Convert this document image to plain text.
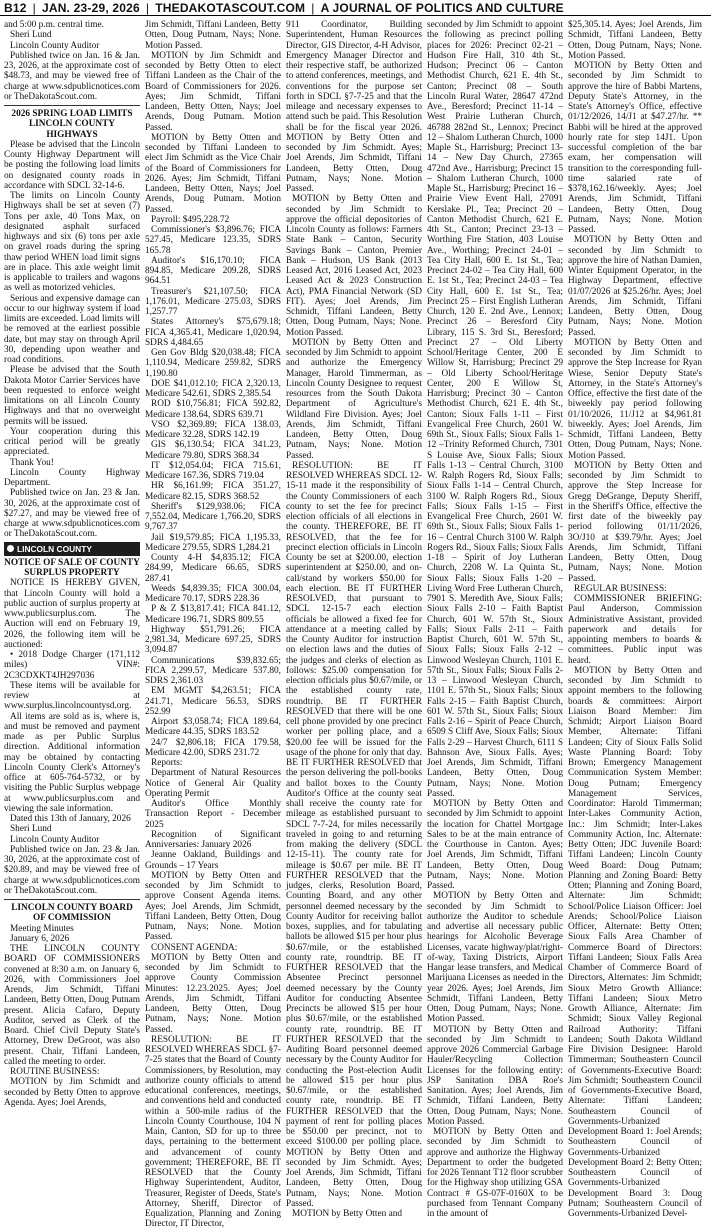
B12 | JAN. 23-29, 2026 | THEDAKOTASCOUT.COM | A JOURNAL OF POLITICS AND CULTURE

and 5:00 p.m. central time.

Sheri Lund

Lincoln County Auditor

Published twice on Jan. 16 & Jan. 23, 2026, at the approximate cost of $48.73, and may be viewed free of charge at www.sdpublicnotices.com or TheDakotaScout.com.

2026 SPRING LOAD LIMITS LINCOLN COUNTY HIGHWAYS

Please be advised that the Lincoln County Highway Department will be posting the following load limits on designated county roads in accordance with SDCL 32-14-6.

The limits on Lincoln County Highways shall be set at seven (7) Tons per axle, 40 Tons Max, on designated asphalt surfaced highways and six (6) tons per axle on gravel roads during the spring thaw period WHEN load limit signs are in place. This axle weight limit is applicable to trailers and wagons as well as motorized vehicles.

Serious and expensive damage can occur to our highway system if load limits are exceeded. Load limits will be removed at the earliest possible date, but may stay on through April 30, depending upon weather and road conditions.

Please be advised that the South Dakota Motor Carrier Services have been requested to enforce weight limitations on all Lincoln County Highways and that no overweight permits will be issued.

Your cooperation during this critical period will be greatly appreciated.

Thank You!

Lincoln County Highway Department.

Published twice on Jan. 23 & Jan. 30, 2026, at the approximate cost of $27.27, and may be viewed free of charge at www.sdpublicnotices.com or TheDakotaScout.com.

LINCOLN COUNTY

NOTICE OF SALE OF COUNTY SURPLUS PROPERTY

NOTICE IS HEREBY GIVEN, that Lincoln County will hold a public auction of surplus property at www.publicsurplus.com. The Auction will end on February 19, 2026, the following item will be auctioned:

• 2018 Dodge Charger (171,112 miles) VIN#: 2C3CDXKT4JH297036

These items will be available for review at www.surplus.lincolncountysd.org.

All items are sold as is, where is, and must be removed and payment made as per Public Surplus direction. Additional information may be obtained by contacting Lincoln County Clerk's Attorney's office at 605-764-5732, or by visiting the Public Surplus webpage at www.publicsurplus.com and viewing the sale information.

Dated this 13th of January, 2026

Sheri Lund

Lincoln County Auditor

Published twice on Jan. 23 & Jan. 30, 2026, at the approximate cost of $20.89, and may be viewed free of charge at www.sdpublicnotices.com or TheDakotaScout.com.

LINCOLN COUNTY BOARD OF COMMISSION

Meeting Minutes

January 6, 2026

THE LINCOLN COUNTY BOARD OF COMMISSIONERS convened at 8:30 a.m. on January 6, 2026, with Commissioners Joel Arends, Jim Schmidt, Tiffani Landeen, Betty Otten, Doug Putnam present. Alicia Cafaro, Deputy Auditor, served as Clerk of the Board. Chief Civil Deputy State's Attorney, Drew DeGroot, was also present. Chair, Tiffani Landeen, called the meeting to order.

ROUTINE BUSINESS:

MOTION by Jim Schmidt and seconded by Betty Otten to approve Agenda. Ayes; Joel Arends,

Jim Schmidt, Tiffani Landeen, Betty Otten, Doug Putnam, Nays; None. Motion Passed.

MOTION by Jim Schmidt and seconded by Betty Otten to elect Tiffani Landeen as the Chair of the Board of Commissioners for 2026. Ayes; Jim Schmidt, Tiffani Landeen, Betty Otten, Nays; Joel Arends, Doug Putnam. Motion Passed.

MOTION by Betty Otten and seconded by Tiffani Landeen to elect Jim Schmidt as the Vice Chair of the Board of Commissioners for 2026. Ayes; Jim Schmidt, Tiffani Landeen, Betty Otten, Nays; Joel Arends, Doug Putnam. Motion Passed.

Payroll: $495,228.72

Commissioner's $3,896.76; FICA 527.45, Medicare 123.35, SDRS 165.78

Auditor's $16,170.10; FICA 894.85, Medicare 209.28, SDRS 964.51

Treasurer's $21,107.50; FICA 1,176.01, Medicare 275.03, SDRS 1,257.77

States Attorney's $75,679.18; FICA 4,365.41, Medicare 1,020.94, SDRS 4,484.65

Gen Gov Bldg $20,038.48; FICA 1,110.94, Medicare 259.82, SDRS 1,190.80

DOE $41,012.10; FICA 2,320.13, Medicare 542.61, SDRS 2,385.54

ROD $10,756.81; FICA 592.82, Medicare 138.64, SDRS 639.71

VSO $2,369.89; FICA 138.03, Medicare 32.28, SDRS 142.19

GIS $6,130.54; FICA 341.23, Medicare 79.80, SDRS 368.34

IT $12,054.04; FICA 715.61, Medicare 167.36, SDRS 719.04

HR $6,161.99; FICA 351.27, Medicare 82.15, SDRS 368.52

Sheriff's $129,938.06; FICA 7,552.04, Medicare 1,766.20, SDRS 9,767.37

Jail $19,579.85; FICA 1,195.33, Medicare 279.55, SDRS 1,284.21

County 4-H $4,835.12; FICA 284.99, Medicare 66.65, SDRS 287.41

Weeds $4,839.35; FICA 300.04, Medicare 70.17, SDRS 228.36

P & Z $13,817.41; FICA 841.12, Medicare 196.71, SDRS 809.55

Highway $51,791.26; FICA 2,981.34, Medicare 697.25, SDRS 3,094.87

Communications $39,832.65; FICA 2,299.57, Medicare 537.80, SDRS 2,361.03

EM MGMT $4,263.51; FICA 241.71, Medicare 56.53, SDRS 252.99

Airport $3,058.74; FICA 189.64, Medicare 44.35, SDRS 183.52

24/7 $2,806.18; FICA 179.58, Medicare 42.00, SDRS 231.72

Reports:

Department of Natural Resources Notice of General Air Quality Operating Permit

Auditor's Office Monthly Transaction Report - December 2025

Recognition of Significant Anniversaries: January 2026

Jeanne Oakland, Buildings and Grounds – 17 Years

MOTION by Betty Otten and seconded by Jim Schmidt to approve Consent Agenda items. Ayes; Joel Arends, Jim Schmidt, Tiffani Landeen, Betty Otten, Doug Putnam, Nays; None. Motion Passed.

CONSENT AGENDA:

MOTION by Betty Otten and seconded by Jim Schmidt to approve County Commission Minutes: 12.23.2025. Ayes; Joel Arends, Jim Schmidt, Tiffani Landeen, Betty Otten, Doug Putnam, Nays; None. Motion Passed.

RESOLUTION: BE IT RESOLVED WHEREAS SDCL §7-7-25 states that the Board of County Commissioners, by Resolution, may authorize county officials to attend educational conferences, meetings, and conventions held and conducted within a 500-mile radius of the Lincoln County Courthouse, 104 N Main, Canton, SD for up to three days, pertaining to the betterment and advancement of county government; THEREFORE, BE IT RESOLVED that the County Highway Superintendent, Auditor, Treasurer, Register of Deeds, State's Attorney, Sheriff, Director of Equalization, Planning and Zoning Director, IT Director,

911 Coordinator, Building Superintendent, Human Resources Director, GIS Director, 4-H Advisor, Emergency Manager Director and their respective staff, be authorized to attend conferences, meetings, and conventions for the purpose set forth in SDCL §7-7-25 and that the mileage and necessary expenses to attend such be paid. This Resolution shall be for the fiscal year 2026. MOTION by Betty Otten and seconded by Jim Schmidt. Ayes; Joel Arends, Jim Schmidt, Tiffani Landeen, Betty Otten, Doug Putnam, Nays; None. Motion Passed.

MOTION by Betty Otten and seconded by Jim Schmidt to approve the official depositories of Lincoln County as follows: Farmers State Bank – Canton, Security Savings Bank – Canton, Premier Bank – Hudson, US Bank (2013 Leased Act, 2016 Leased Act, 2023 Leased Act & 2023 Construction Act), PMA Financial Network (SD FIT). Ayes; Joel Arends, Jim Schmidt, Tiffani Landeen, Betty Otten, Doug Putnam, Nays; None. Motion Passed.

MOTION by Betty Otten and seconded by Jim Schmidt to appoint and authorize the Emergency Manager, Harold Timmerman, as Lincoln County Designee to request resources from the South Dakota Department of Agriculture's Wildland Fire Division. Ayes; Joel Arends, Jim Schmidt, Tiffani Landeen, Betty Otten, Doug Putnam, Nays; None. Motion Passed.

RESOLUTION: BE IT RESOLVED WHEREAS SDCL 12-15-11 made it the responsibility of the County Commissioners of each county to set the fee for precinct election officials of all elections in the county. THEREFORE, BE IT RESOLVED, that the fee for precinct election officials in Lincoln County be set at $200.00, election superintendent at $250.00, and on-call/stand by workers $50.00 for each election. BE IT FURTHER RESOLVED, that pursuant to SDCL 12-15-7 each election officials be allowed a fixed fee for attendance at a meeting called by the County Auditor for instruction on election laws and the duties of the judges and clerks of election as follows: $25.00 compensation for election officials plus $0.67/mile, or the established county rate, roundtrip. BE IT FURTHER RESOLVED that there will be one cell phone provided by one precinct worker per polling place, and a $20.00 fee will be issued for the usage of the phone for only that day. BE IT FURTHER RESOLVED that the person delivering the poll-books and ballot boxes to the County Auditor's Office at the county seat shall receive the county rate for mileage as established pursuant to SDCL 7-7-24, for miles necessarily traveled in going to and returning from making the delivery (SDCL 12-15-11). The county rate for mileage is $0.67 per mile. BE IT FURTHER RESOLVED that the judges, clerks, Resolution Board, Counting Board, and any other personnel deemed necessary by the County Auditor for receiving ballot boxes, supplies, and for tabulating ballots be allowed $15 per hour plus $0.67/mile, or the established county rate, roundtrip. BE IT FURTHER RESOLVED that the Absentee Precinct personnel deemed necessary by the County Auditor for conducting Absentee Precincts be allowed $15 per hour plus $0.67/mile, or the established county rate, roundtrip. BE IT FURTHER RESOLVED that the Auditing Board personnel deemed necessary by the County Auditor for conducting the Post-election Audit be allowed $15 per hour plus $0.67/mile, or the established county rate, roundtrip. BE IT FURTHER RESOLVED that the payment of rent for polling places be $50.00 per precinct, not to exceed $100.00 per polling place. MOTION by Betty Otten and seconded by Jim Schmidt. Ayes; Joel Arends, Jim Schmidt, Tiffani Landeen, Betty Otten, Doug Putnam, Nays; None. Motion Passed.

MOTION by Betty Otten and

seconded by Jim Schmidt to appoint the following as precinct polling places for 2026: Precinct 02-21 – Hudson Fire Hall, 310 4th St., Hudson; Precinct 06 – Canton Methodist Church, 621 E. 4th St., Canton; Precinct 08 – South Lincoln Rural Water, 28647 472nd Ave., Beresford; Precinct 11-14 – West Prairie Lutheran Church, 46788 282nd St., Lennox; Precinct 12 – Shalom Lutheran Church, 1000 Maple St., Harrisburg; Precinct 13-14 – New Day Church, 27365 472nd Ave., Harrisburg; Precinct 15 – Shalom Lutheran Church, 1000 Maple St., Harrisburg; Precinct 16 – Prairie View Event Hall, 27091 Kerslake Pl., Tea; Precinct 20 – Canton Methodist Church, 621 E. 4th St., Canton; Precinct 23-13 – Worthing Fire Station, 403 Louise Ave., Worthing; Precinct 24-01 – Tea City Hall, 600 E. 1st St., Tea; Precinct 24-02 – Tea City Hall, 600 E. 1st St., Tea; Precinct 24-03 – Tea City Hall, 600 E. 1st St., Tea; Precinct 25 – First English Lutheran Church, 120 E. 2nd Ave., Lennox; Precinct 26 – Beresford City Library, 115 S. 3rd St., Beresford; Precinct 27 – Old Liberty School/Heritage Center, 200 E Willow St, Harrisburg; Precinct 29 – Old Liberty School/Heritage Center, 200 E Willow St, Harrisburg; Precinct 30 – Canton Methodist Church, 621 E. 4th St., Canton; Sioux Falls 1-11 – First Evangelical Free Church, 2601 W. 69th St., Sioux Falls; Sioux Falls 1-12 –Trinity Reformed Church, 7301 S Louise Ave, Sioux Falls; Sioux Falls 1-13 – Central Church, 3100 W. Ralph Rogers Rd, Sioux Falls; Sioux Falls 1-14 – Central Church, 3100 W. Ralph Rogers Rd., Sioux Falls; Sioux Falls 1-15 – First Evangelical Free Church, 2601 W. 69th St., Sioux Falls; Sioux Falls 1-16 – Central Church 3100 W. Ralph Rogers Rd., Sioux Falls; Sioux Falls 1-18 – Spirit of Joy Lutheran Church, 2208 W. La Quinta St., Sioux Falls; Sioux Falls 1-20 –Living Word Free Lutheran Church, 7901 S. Meredith Ave, Sioux Falls; Sioux Falls 2-10 – Faith Baptist Church, 601 W. 57th St., Sioux Falls; Sioux Falls 2-11 – Faith Baptist Church, 601 W. 57th St., Sioux Falls; Sioux Falls 2-12 – Linwood Wesleyan Church, 1101 E. 57th St., Sioux Falls; Sioux Falls 2-13 – Linwood Wesleyan Church, 1101 E. 57th St., Sioux Falls; Sioux Falls 2-15 – Faith Baptist Church, 601 W. 57th St., Sioux Falls; Sioux Falls 2-16 – Spirit of Peace Church, 6509 S Cliff Ave, Sioux Falls; Sioux Falls 2-29 – Harvest Church, 6111 S Bahnson Ave, Sioux Falls. Ayes; Joel Arends, Jim Schmidt, Tiffani Landeen, Betty Otten, Doug Putnam, Nays; None. Motion Passed.

MOTION by Betty Otten and seconded by Jim Schmidt to appoint the location for Chattel Mortgage Sales to be at the main entrance of the Courthouse in Canton. Ayes; Joel Arends, Jim Schmidt, Tiffani Landeen, Betty Otten, Doug Putnam, Nays; None. Motion Passed.

MOTION by Betty Otten and seconded by Jim Schmidt to authorize the Auditor to schedule and advertise all necessary public hearings for Alcoholic Beverage Licenses, vacate highway/plat/right-of-way, Taxing Districts, Airport Hangar lease transfers, and Medical Marijuana Licenses as needed in the year 2026. Ayes; Joel Arends, Jim Schmidt, Tiffani Landeen, Betty Otten, Doug Putnam, Nays; None. Motion Passed.

MOTION by Betty Otten and seconded by Jim Schmidt to approve 2026 Commercial Garbage Hauler/Recycling Collection Licenses for the following entity: JSP Sanitation DBA Roe's Sanitation. Ayes; Joel Arends, Jim Schmidt, Tiffani Landeen, Betty Otten, Doug Putnam, Nays; None. Motion Passed.

MOTION by Betty Otten and seconded by Jim Schmidt to approve and authorize the Highway Department to order the budgeted for 2026 Tennant T12 floor scrubber for the Highway shop utilizing GSA Contract # GS-07F-0160X to be purchased from Tennant Company in the amount of

$25,305.14. Ayes; Joel Arends, Jim Schmidt, Tiffani Landeen, Betty Otten, Doug Putnam, Nays; None. Motion Passed.

MOTION by Betty Otten and seconded by Jim Schmidt to approve the hire of Babbi Martens, Deputy State's Attorney, in the State's Attorney's Office, effective 01/12/2026, 14/J1 at $47.27/hr. ** Babbi will be hired at the approved hourly rate for step 14J1. Upon successful completion of the bar exam, her compensation will transition to the corresponding full-time salaried rate of $378,162.16/weekly. Ayes; Joel Arends, Jim Schmidt, Tiffani Landeen, Betty Otten, Doug Putnam, Nays; None. Motion Passed.

MOTION by Betty Otten and seconded by Jim Schmidt to approve the hire of Nathan Damien, Winter Equipment Operator, in the Highway Department, effective 01/07/2026 at $25.26/hr. Ayes; Joel Arends, Jim Schmidt, Tiffani Landeen, Betty Otten, Doug Putnam, Nays; None. Motion Passed.

MOTION by Betty Otten and seconded by Jim Schmidt to approve the Step Increase for Ryan Wiese, Senior Deputy State's Attorney, in the State's Attorney's Office, effective the first date of the biweekly pay period following 01/10/2026, 11/J12 at $4,961.81 biweekly. Ayes; Joel Arends, Jim Schmidt, Tiffani Landeen, Betty Otten, Doug Putnam, Nays; None. Motion Passed.

MOTION by Betty Otten and seconded by Jim Schmidt to approve the Step Increase for Gregg DeGrange, Deputy Sheriff, in the Sheriff's Office, effective the first date of the biweekly pay period following 01/11/2026, 3O/J10 at $39.79/hr. Ayes; Joel Arends, Jim Schmidt, Tiffani Landeen, Betty Otten, Doug Putnam, Nays; None. Motion Passed.

REGULAR BUSINESS:

COMMISSIONER BRIEFING: Paul Anderson, Commission Administrative Assistant, provided paperwork and details for appointing members to boards & committees. Public input was heard.

MOTION by Betty Otten and seconded by Jim Schmidt to appoint members to the following boards & committees: Airport Liaison Board Member: Jim Schmidt; Airport Liaison Board Member, Alternate: Tiffani Landeen; City of Sioux Falls Solid Waste Planning Board: Toby Brown; Emergency Management Communication System Member: Doug Putnam; Emergency Management Services, Coordinator: Harold Timmerman; Inter-Lakes Community Action, Inc.: Jim Schmidt; Inter-Lakes Community Action, Inc. Alternate: Betty Otten; JDC Juvenile Board: Tiffani Landeen; Lincoln County Weed Board: Doug Putnam; Planning and Zoning Board: Betty Otten; Planning and Zoning Board, Alternate: Jim Schmidt; School/Police Liaison Officer: Joel Arends; School/Police Liaison Officer, Alternate: Betty Otten; Sioux Falls Area Chamber of Commerce Board of Directors: Tiffani Landeen; Sioux Falls Area Chamber of Commerce Board of Directors, Alternates: Jim Schmidt; Sioux Metro Growth Alliance: Tiffani Landeen; Sioux Metro Growth Alliance, Alternate: Jim Schmidt; Sioux Valley Regional Railroad Authority: Tiffani Landeen; South Dakota Wildland Fire Division Designee: Harold Timmerman; Southeastern Council of Governments-Executive Board: Jim Schmidt; Southeastern Council of Governments-Executive Board, Alternate: Tiffani Landeen; Southeastern Council of Governments-Urbanized Development Board 1: Joel Arends; Southeastern Council of Governments-Urbanized Development Board 2: Betty Otten; Southeastern Council of Governments-Urbanized Development Board 3: Doug Putnam; Southeastern Council of Governments-Urbanized Devel-
